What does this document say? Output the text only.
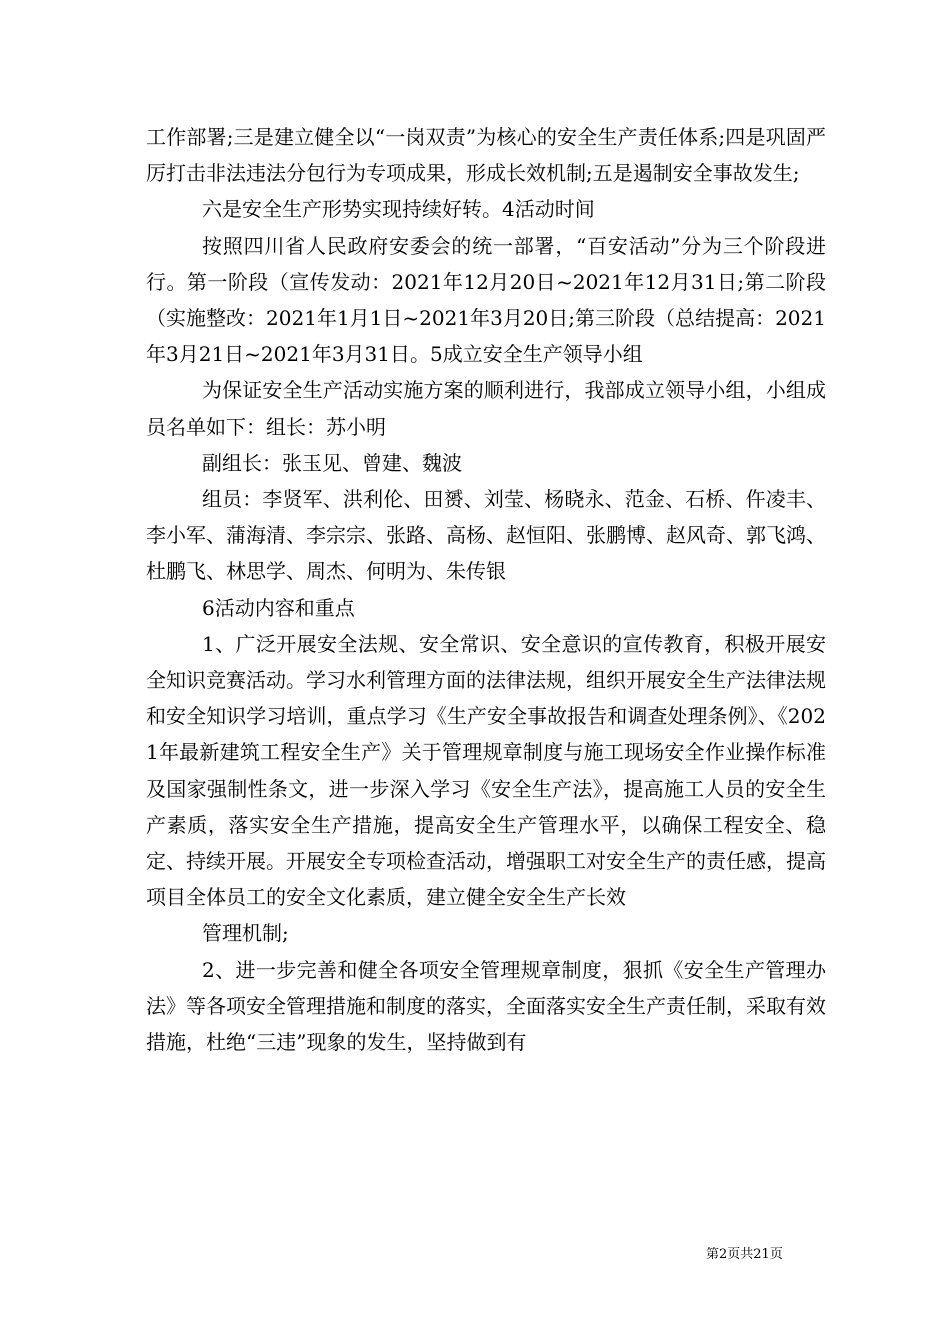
工作部署;三是建立健全以“一岗双责”为核心的安全生产责任体系;四是巩固严厉打击非法违法分包行为专项成果，形成长效机制;五是遏制安全事故发生;

六是安全生产形势实现持续好转。4活动时间

按照四川省人民政府安委会的统一部署，“百安活动”分为三个阶段进行。第一阶段（宣传发动：2021年12月20日~2021年12月31日;第二阶段（实施整改：2021年1月1日~2021年3月20日;第三阶段（总结提高：2021年3月21日~2021年3月31日。5成立安全生产领导小组

为保证安全生产活动实施方案的顺利进行，我部成立领导小组，小组成员名单如下：组长：苏小明

副组长：张玉见、曾建、魏波

组员：李贤军、洪利伦、田赟、刘莹、杨晓永、范金、石桥、仵凌丰、李小军、蒲海清、李宗宗、张路、高杨、赵恒阳、张鹏博、赵风奇、郭飞鸿、杜鹏飞、林思学、周杰、何明为、朱传银

6活动内容和重点

1、广泛开展安全法规、安全常识、安全意识的宣传教育，积极开展安全知识竞赛活动。学习水利管理方面的法律法规，组织开展安全生产法律法规和安全知识学习培训，重点学习《生产安全事故报告和调查处理条例》、《2021年最新建筑工程安全生产》关于管理规章制度与施工现场安全作业操作标准及国家强制性条文，进一步深入学习《安全生产法》，提高施工人员的安全生产素质，落实安全生产措施，提高安全生产管理水平，以确保工程安全、稳定、持续开展。开展安全专项检查活动，增强职工对安全生产的责任感，提高项目全体员工的安全文化素质，建立健全安全生产长效

管理机制;

2、进一步完善和健全各项安全管理规章制度，狠抓《安全生产管理办法》等各项安全管理措施和制度的落实，全面落实安全生产责任制，采取有效措施，杜绝“三违”现象的发生，坚持做到有

第2页共21页
